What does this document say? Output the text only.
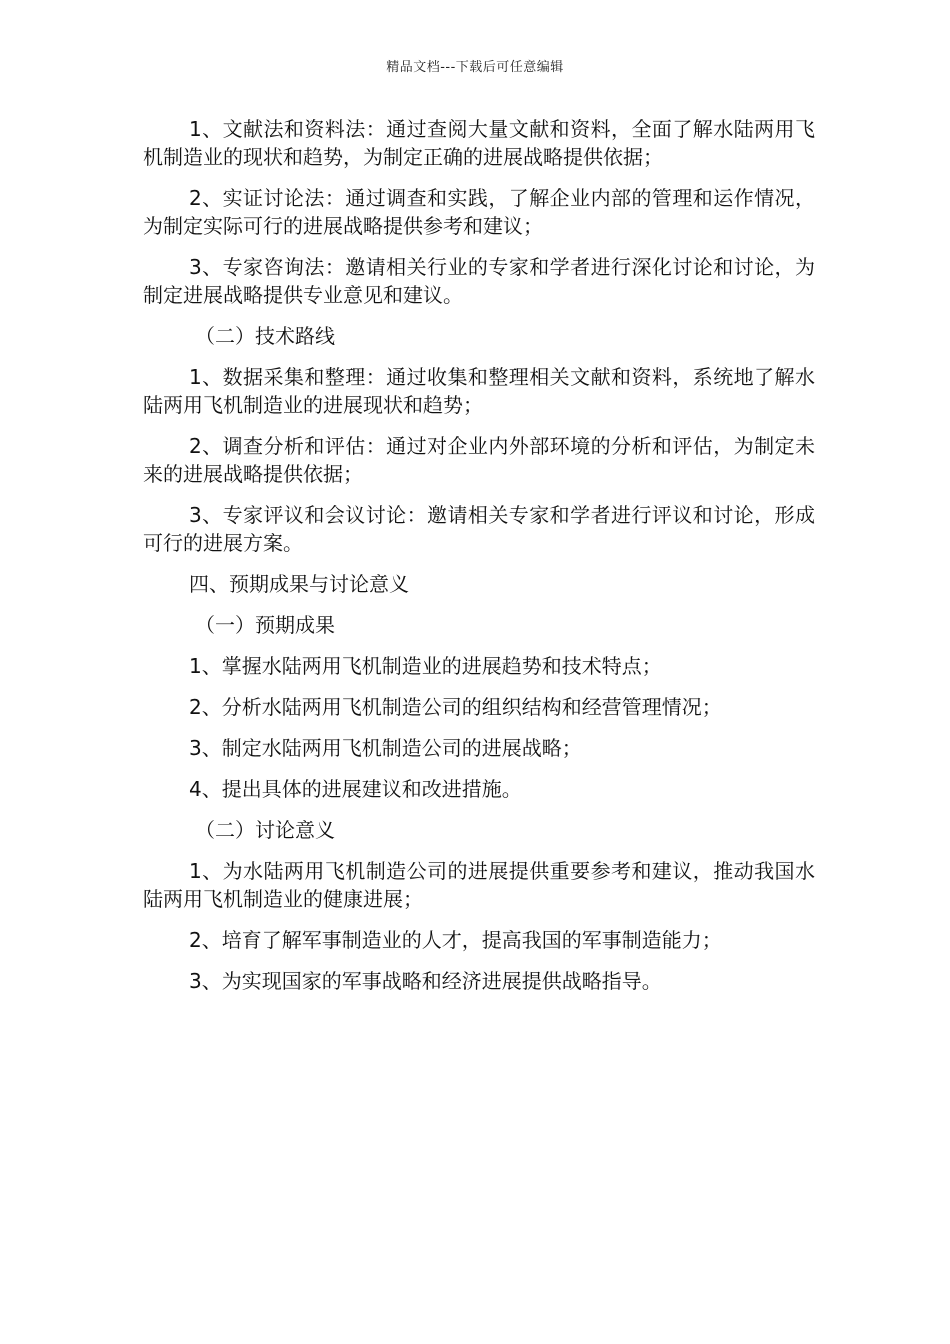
精品文档---下载后可任意编辑

1、文献法和资料法：通过查阅大量文献和资料，全面了解水陆两用飞机制造业的现状和趋势，为制定正确的进展战略提供依据；

2、实证讨论法：通过调查和实践，了解企业内部的管理和运作情况，为制定实际可行的进展战略提供参考和建议；

3、专家咨询法：邀请相关行业的专家和学者进行深化讨论和讨论，为制定进展战略提供专业意见和建议。

（二）技术路线

1、数据采集和整理：通过收集和整理相关文献和资料，系统地了解水陆两用飞机制造业的进展现状和趋势；

2、调查分析和评估：通过对企业内外部环境的分析和评估，为制定未来的进展战略提供依据；

3、专家评议和会议讨论：邀请相关专家和学者进行评议和讨论，形成可行的进展方案。

四、预期成果与讨论意义

（一）预期成果

1、掌握水陆两用飞机制造业的进展趋势和技术特点；

2、分析水陆两用飞机制造公司的组织结构和经营管理情况；

3、制定水陆两用飞机制造公司的进展战略；

4、提出具体的进展建议和改进措施。

（二）讨论意义

1、为水陆两用飞机制造公司的进展提供重要参考和建议，推动我国水陆两用飞机制造业的健康进展；

2、培育了解军事制造业的人才，提高我国的军事制造能力；

3、为实现国家的军事战略和经济进展提供战略指导。
